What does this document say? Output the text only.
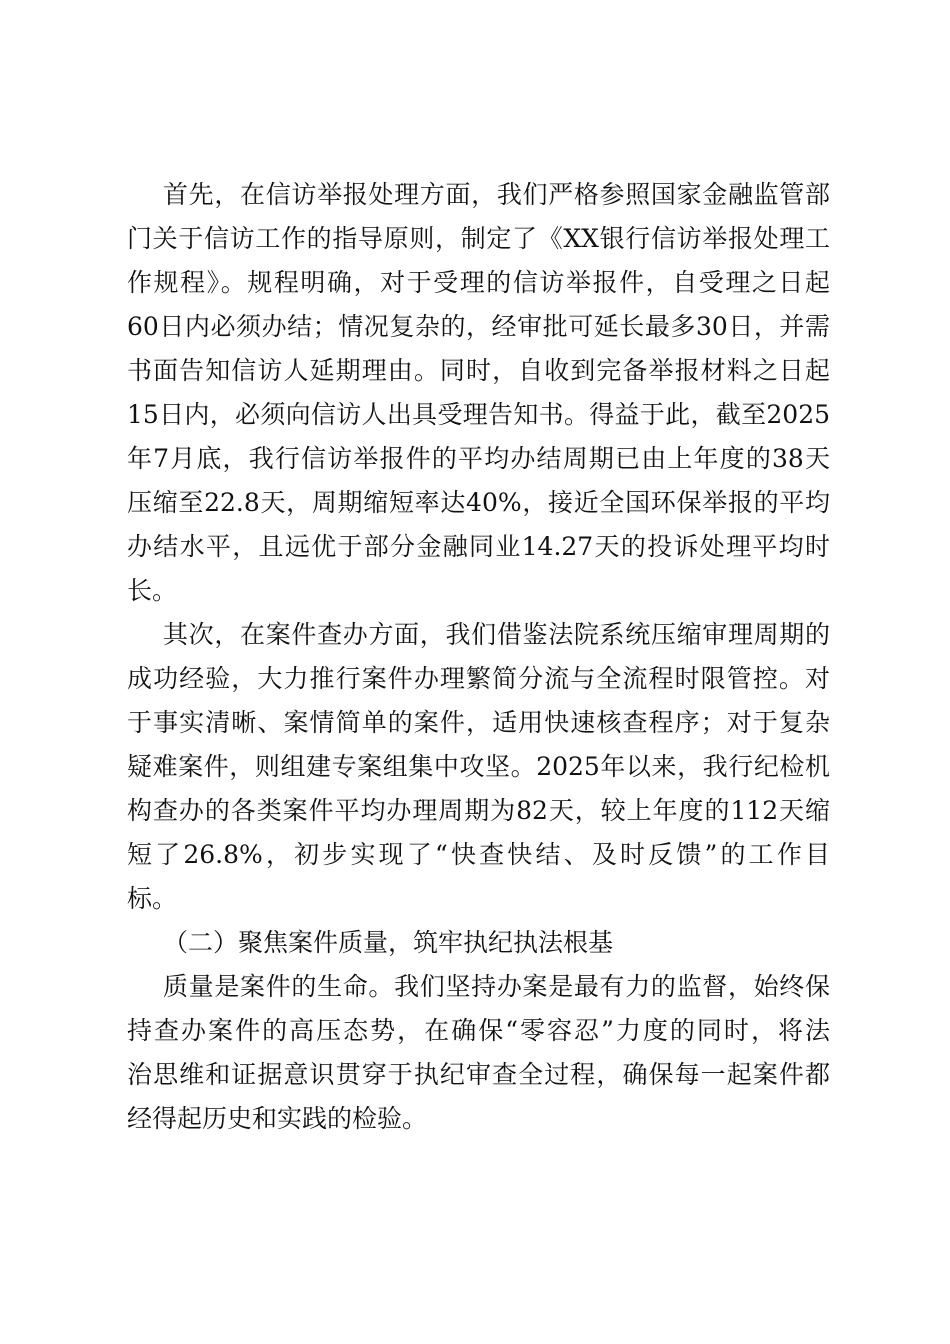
首先，在信访举报处理方面，我们严格参照国家金融监管部
门关于信访工作的指导原则，制定了《XX银行信访举报处理工
作规程》。规程明确，对于受理的信访举报件，自受理之日起
60日内必须办结；情况复杂的，经审批可延长最多30日，并需
书面告知信访人延期理由。同时，自收到完备举报材料之日起
15日内，必须向信访人出具受理告知书。得益于此，截至2025
年7月底，我行信访举报件的平均办结周期已由上年度的38天
压缩至22.8天，周期缩短率达40%，接近全国环保举报的平均
办结水平，且远优于部分金融同业14.27天的投诉处理平均时
长。
其次，在案件查办方面，我们借鉴法院系统压缩审理周期的
成功经验，大力推行案件办理繁简分流与全流程时限管控。对
于事实清晰、案情简单的案件，适用快速核查程序；对于复杂
疑难案件，则组建专案组集中攻坚。2025年以来，我行纪检机
构查办的各类案件平均办理周期为82天，较上年度的112天缩
短了26.8%，初步实现了“快查快结、及时反馈”的工作目
标。
（二）聚焦案件质量，筑牢执纪执法根基
质量是案件的生命。我们坚持办案是最有力的监督，始终保
持查办案件的高压态势，在确保“零容忍”力度的同时，将法
治思维和证据意识贯穿于执纪审查全过程，确保每一起案件都
经得起历史和实践的检验。
